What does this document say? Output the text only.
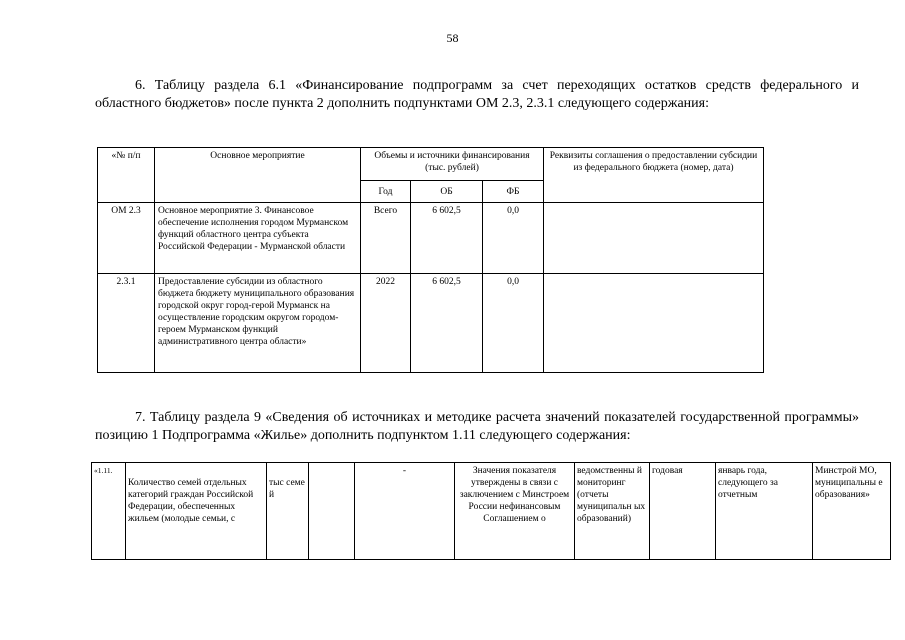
58
6. Таблицу раздела 6.1 «Финансирование подпрограмм за счет переходящих остатков средств федерального и областного бюджетов» после пункта 2 дополнить подпунктами ОМ 2.3, 2.3.1 следующего содержания:
«№ п/п	Основное мероприятие	Объемы и источники финансирования (тыс. рублей)			Реквизиты соглашения о предоставлении субсидии из федерального бюджета (номер, дата)
		Год	ОБ	ФБ	
ОМ 2.3	Основное мероприятие 3. Финансовое обеспечение исполнения городом Мурманском функций областного центра субъекта Российской Федерации - Мурманской области	Всего	6 602,5	0,0	
2.3.1	Предоставление субсидии из областного бюджета бюджету муниципального образования городской округ город-герой Мурманск на осуществление городским округом городом-героем Мурманском функций административного центра области»	2022	6 602,5	0,0	
7. Таблицу раздела 9 «Сведения об источниках и методике расчета значений показателей государственной программы» позицию 1 Подпрограмма «Жилье» дополнить подпунктом 1.11 следующего содержания:
«1.11.	Количество семей отдельных категорий граждан Российской Федерации, обеспеченных жильем (молодые семьи, с	тыс семе й		-	Значения показателя утверждены в связи с заключением с Минстроем России нефинансовым Соглашением о	ведомственны й мониторинг (отчеты муниципальн ых образований)	годовая	январь года, следующего за отчетным	Минстрой МО, муниципальны е образования»
